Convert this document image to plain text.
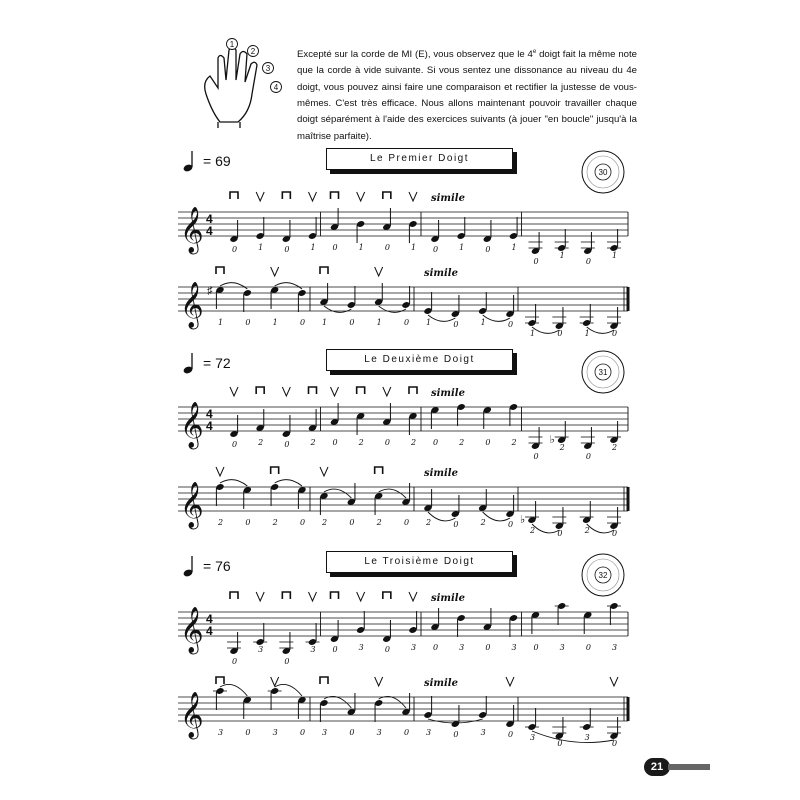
Excepté sur la corde de MI (E), vous observez que le 4e doigt fait la même note que la corde à vide suivante. Si vous sentez une dissonance au niveau du 4e doigt, vous pouvez ainsi faire une comparaison et rectifier la justesse de vous-mêmes. C'est très efficace. Nous allons maintenant pouvoir travailler chaque doigt séparément à l'aide des exercices suivants (à jouer "en boucle" jusqu'à la maîtrise parfaite).

1
2
3
4
= 69	Le Premier Doigt
30
𝄞 4
4
0	1	0	1 0	1	0	1 0	1	0	1
simile
0
1
0
1
𝄞 ♯
1	0	1	0 1	0	1	0 1	0	1	0
simile
1	0	1	0
= 72	Le Deuxième Doigt
31
𝄞 4
4
0	2	0	2 0	2	0	2 0	2	0	2
simile
0
♭
2
0
2
𝄞 2	0	2	0 2	0	2	0 2	0	2	0
simile
♭
2	0	2	0
= 76	Le Troisième Doigt
32
𝄞 4
4
0
3
0
3 0	3	0	3 0	3	0	3
simile
0	3	0	3
𝄞 3	0	3	0 3	0	3	0 3	0	3	0
simile
3
0
3
0
21
